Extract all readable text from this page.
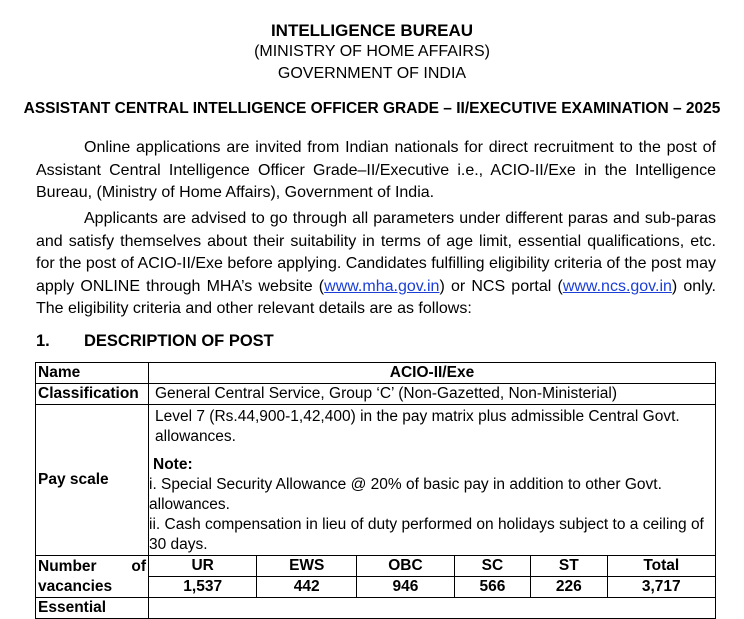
INTELLIGENCE BUREAU
(MINISTRY OF HOME AFFAIRS)
GOVERNMENT OF INDIA
ASSISTANT CENTRAL INTELLIGENCE OFFICER GRADE – II/EXECUTIVE EXAMINATION – 2025
Online applications are invited from Indian nationals for direct recruitment to the post of Assistant Central Intelligence Officer Grade–II/Executive i.e., ACIO-II/Exe in the Intelligence Bureau, (Ministry of Home Affairs), Government of India.
Applicants are advised to go through all parameters under different paras and sub-paras and satisfy themselves about their suitability in terms of age limit, essential qualifications, etc. for the post of ACIO-II/Exe before applying. Candidates fulfilling eligibility criteria of the post may apply ONLINE through MHA’s website (www.mha.gov.in) or NCS portal (www.ncs.gov.in) only. The eligibility criteria and other relevant details are as follows:
1. DESCRIPTION OF POST
Name	ACIO-II/Exe					
Classification	General Central Service, Group ‘C’ (Non-Gazetted, Non-Ministerial)					
Pay scale	Level 7 (Rs.44,900-1,42,400) in the pay matrix plus admissible Central Govt. allowances.
Note:
i. Special Security Allowance @ 20% of basic pay in addition to other Govt. allowances.
ii. Cash compensation in lieu of duty performed on holidays subject to a ceiling of 30 days.					

Number of
vacancies	UR	EWS	OBC	SC	ST	Total
	1,537	442	946	566	226	3,717
Essential						
